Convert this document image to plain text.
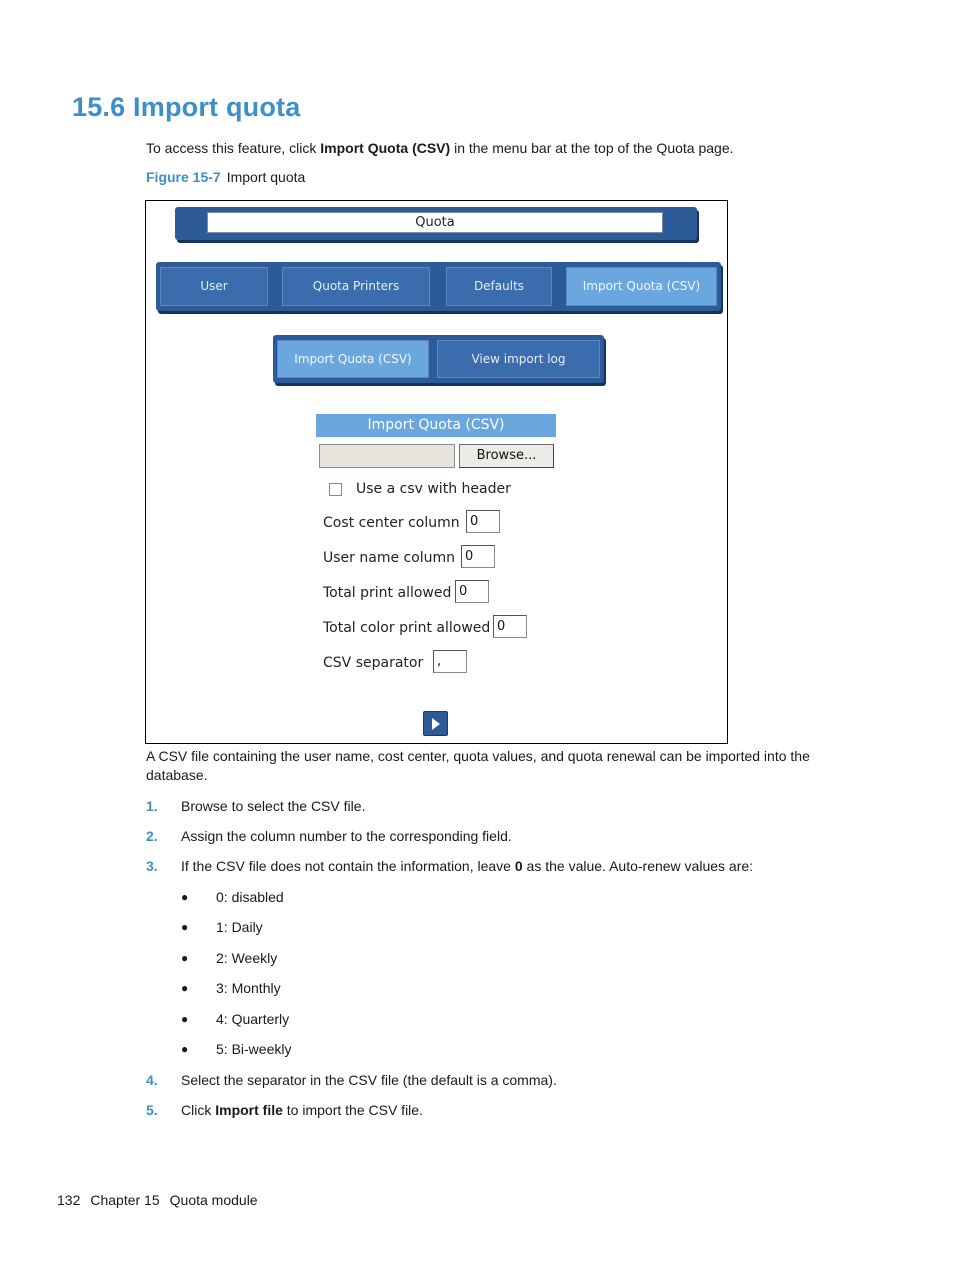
15.6 Import quota

To access this feature, click Import Quota (CSV) in the menu bar at the top of the Quota page.

Figure 15-7 Import quota
Quota
User	Quota Printers	Defaults	Import Quota (CSV)
Import Quota (CSV)	View import log
Import Quota (CSV)
Browse...
Use a csv with header
Cost center column 0
User name column 0
Total print allowed 0
Total color print allowed 0
CSV separator	,

A CSV file containing the user name, cost center, quota values, and quota renewal can be imported into the database.

1. Browse to select the CSV file.
2. Assign the column number to the corresponding field.
3. If the CSV file does not contain the information, leave 0 as the value. Auto-renew values are:
● 0: disabled
● 1: Daily
● 2: Weekly
● 3: Monthly
● 4: Quarterly
● 5: Bi-weekly
4. Select the separator in the CSV file (the default is a comma).
5. Click Import file to import the CSV file.
132 Chapter 15 Quota module
